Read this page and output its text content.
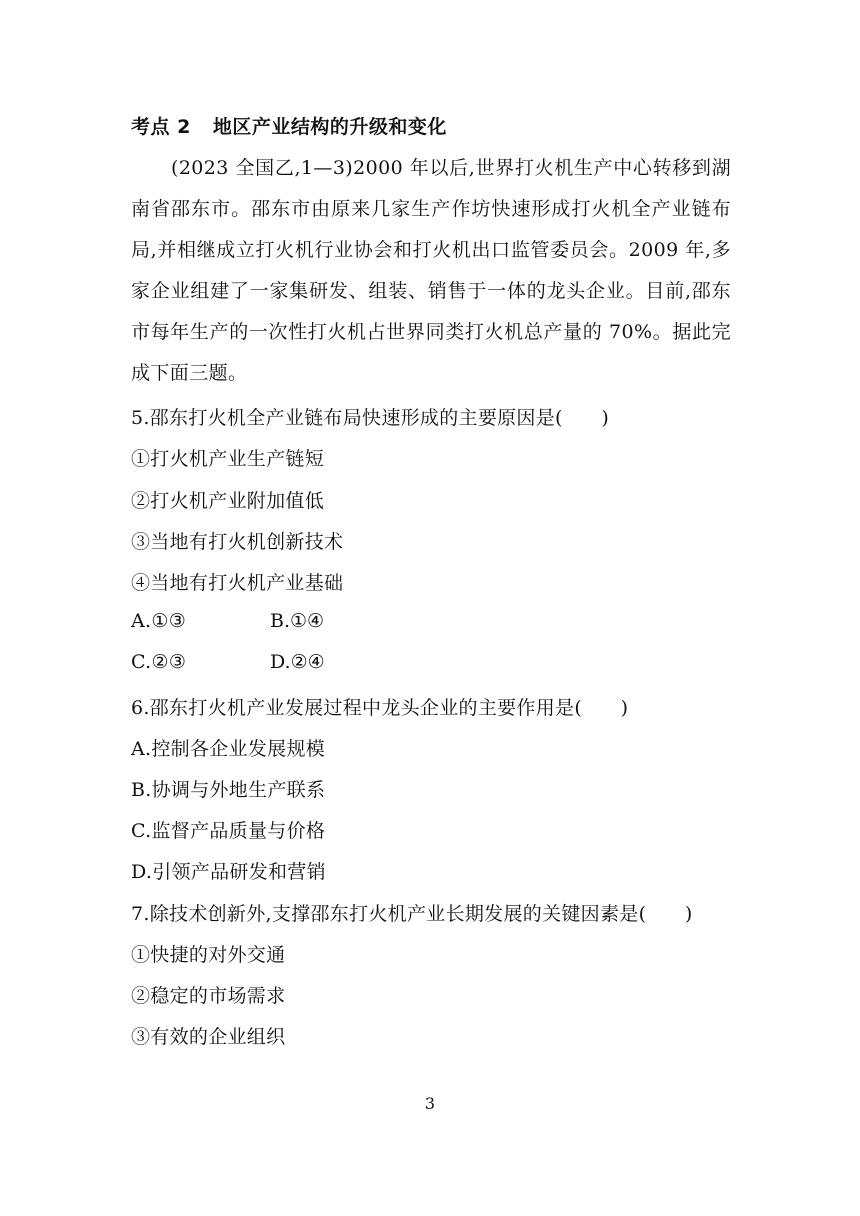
考点 2 地区产业结构的升级和变化
(2023 全国乙,1—3)2000 年以后,世界打火机生产中心转移到湖南省邵东市。邵东市由原来几家生产作坊快速形成打火机全产业链布局,并相继成立打火机行业协会和打火机出口监管委员会。2009 年,多家企业组建了一家集研发、组装、销售于一体的龙头企业。目前,邵东市每年生产的一次性打火机占世界同类打火机总产量的 70%。据此完成下面三题。
5.邵东打火机全产业链布局快速形成的主要原因是(　　)
①打火机产业生产链短
②打火机产业附加值低
③当地有打火机创新技术
④当地有打火机产业基础
A.①③	B.①④
C.②③	D.②④
6.邵东打火机产业发展过程中龙头企业的主要作用是(　　)
A.控制各企业发展规模
B.协调与外地生产联系
C.监督产品质量与价格
D.引领产品研发和营销
7.除技术创新外,支撑邵东打火机产业长期发展的关键因素是(　　)
①快捷的对外交通
②稳定的市场需求
③有效的企业组织
3
